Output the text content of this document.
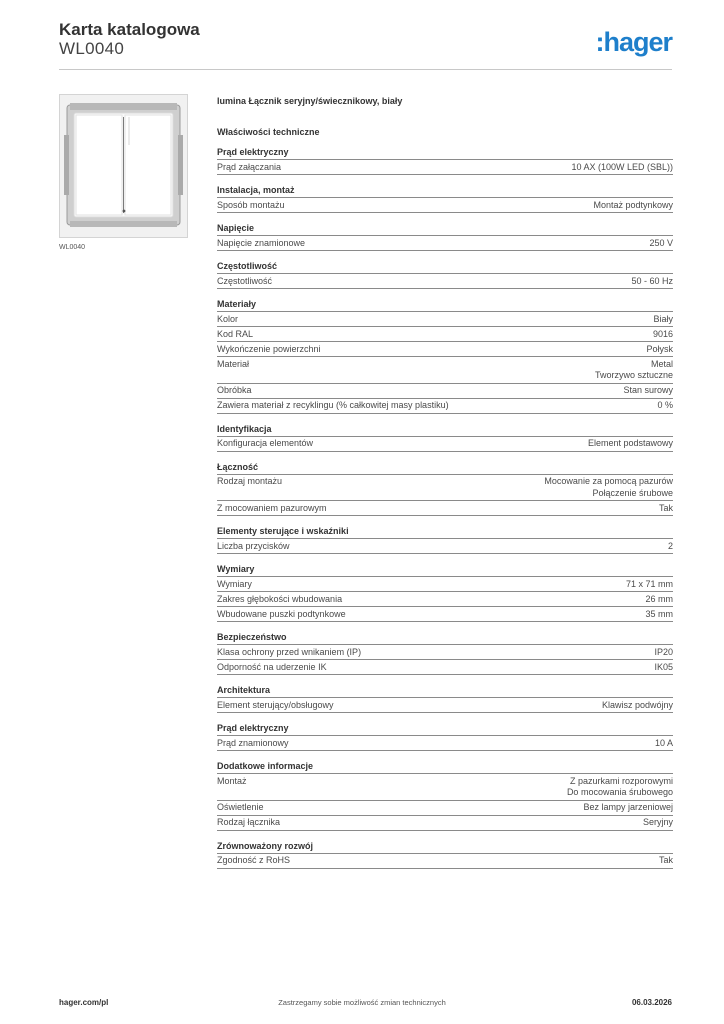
Karta katalogowa
WL0040	:hager
WL0040
lumina Łącznik seryjny/świecznikowy, biały
Właściwości techniczne
Prąd elektryczny
Prąd załączania	10 AX (100W LED (SBL))
Instalacja, montaż
Sposób montażu	Montaż podtynkowy
Napięcie
Napięcie znamionowe	250 V
Częstotliwość
Częstotliwość	50 - 60 Hz
Materiały
Kolor	Biały
Kod RAL	9016
Wykończenie powierzchni	Połysk
Materiał	Metal
Tworzywo sztuczne
Obróbka	Stan surowy
Zawiera materiał z recyklingu (% całkowitej masy plastiku)	0 %
Identyfikacja
Konfiguracja elementów	Element podstawowy
Łączność
Rodzaj montażu	Mocowanie za pomocą pazurów
Połączenie śrubowe
Z mocowaniem pazurowym	Tak
Elementy sterujące i wskaźniki
Liczba przycisków	2
Wymiary
Wymiary	71 x 71 mm
Zakres głębokości wbudowania	26 mm
Wbudowane puszki podtynkowe	35 mm
Bezpieczeństwo
Klasa ochrony przed wnikaniem (IP)	IP20
Odporność na uderzenie IK	IK05
Architektura
Element sterujący/obsługowy	Klawisz podwójny
Prąd elektryczny
Prąd znamionowy	10 A
Dodatkowe informacje
Montaż	Z pazurkami rozporowymi
Do mocowania śrubowego
Oświetlenie	Bez lampy jarzeniowej
Rodzaj łącznika	Seryjny
Zrównoważony rozwój
Zgodność z RoHS	Tak
hager.com/pl	Zastrzegamy sobie możliwość zmian technicznych	06.03.2026
